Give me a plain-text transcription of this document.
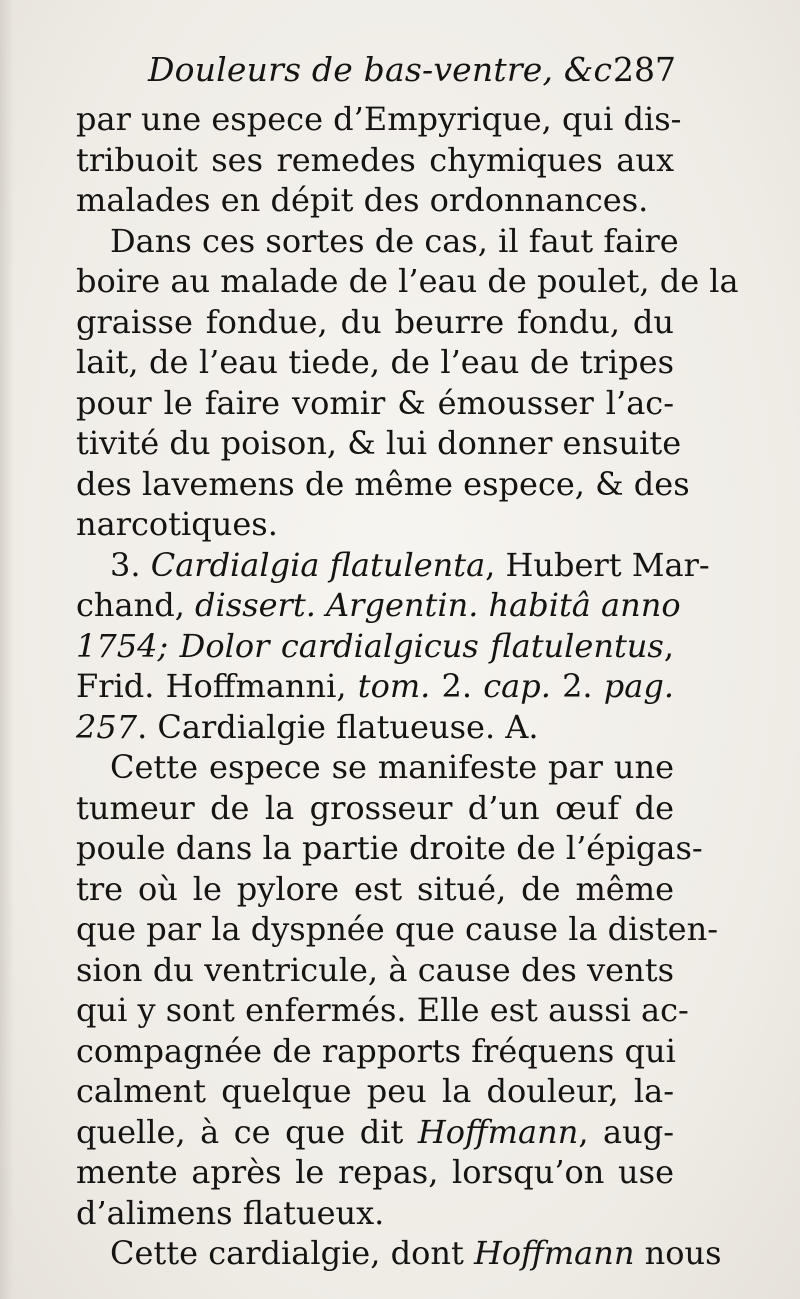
Douleurs de bas-ventre, &c.
287
par une espece d’Empyrique, qui dis-
tribuoit ses remedes chymiques aux
malades en dépit des ordonnances.
Dans ces sortes de cas, il faut faire
boire au malade de l’eau de poulet, de la
graisse fondue, du beurre fondu, du
lait, de l’eau tiede, de l’eau de tripes
pour le faire vomir & émousser l’ac-
tivité du poison, & lui donner ensuite
des lavemens de même espece, & des
narcotiques.
3. Cardialgia flatulenta, Hubert Mar-
chand, dissert. Argentin. habitâ anno
1754; Dolor cardialgicus flatulentus,
Frid. Hoffmanni, tom. 2. cap. 2. pag.
257. Cardialgie flatueuse. A.
Cette espece se manifeste par une
tumeur de la grosseur d’un œuf de
poule dans la partie droite de l’épigas-
tre où le pylore est situé, de même
que par la dyspnée que cause la disten-
sion du ventricule, à cause des vents
qui y sont enfermés. Elle est aussi ac-
compagnée de rapports fréquens qui
calment quelque peu la douleur, la-
quelle, à ce que dit Hoffmann, aug-
mente après le repas, lorsqu’on use
d’alimens flatueux.
Cette cardialgie, dont Hoffmann nous
